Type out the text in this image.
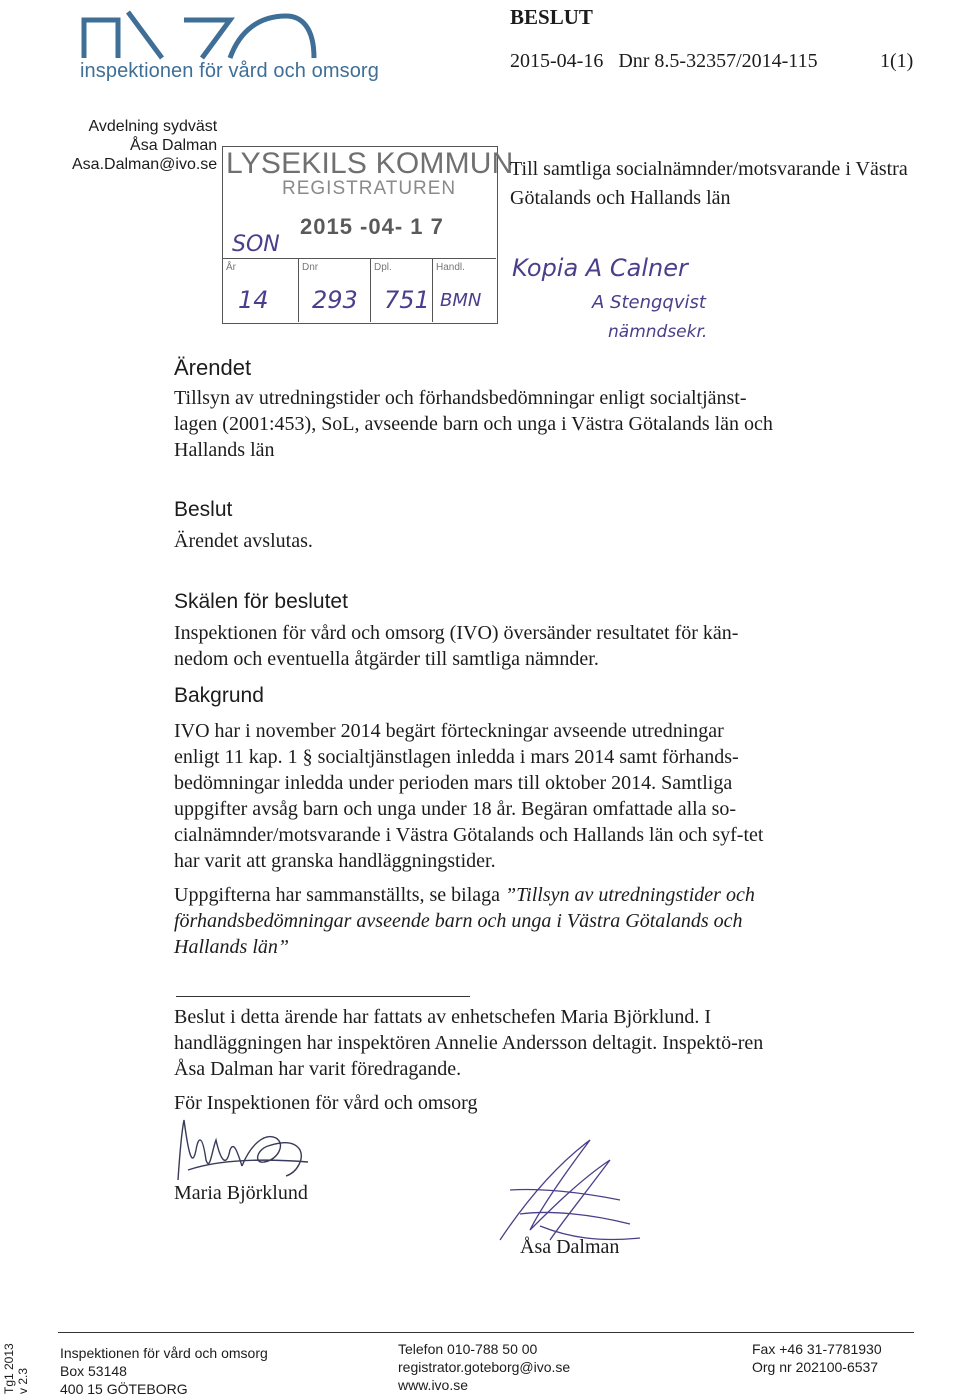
inspektionen för vård och omsorg
BESLUT
2015-04-16 Dnr 8.5-32357/2014-115	1(1)
Avdelning sydväst
Åsa Dalman
Asa.Dalman@ivo.se LYSEKILS KOMMUN
REGISTRATUREN
2015 -04- 1 7
SON
År	Dnr	Dpl.	Handl.
14 293 751 BMN
Till samtliga socialnämnder/motsvarande i Västra Götalands och Hallands län
Kopia A Calner
A Stengqvist
nämndsekr.
Ärendet
Tillsyn av utredningstider och förhandsbedömningar enligt socialtjänst-lagen (2001:453), SoL, avseende barn och unga i Västra Götalands län och Hallands län
Beslut
Ärendet avslutas.
Skälen för beslutet
Inspektionen för vård och omsorg (IVO) översänder resultatet för kän-nedom och eventuella åtgärder till samtliga nämnder.
Bakgrund
IVO har i november 2014 begärt förteckningar avseende utredningar enligt 11 kap. 1 § socialtjänstlagen inledda i mars 2014 samt förhands-bedömningar inledda under perioden mars till oktober 2014. Samtliga uppgifter avsåg barn och unga under 18 år. Begäran omfattade alla so-cialnämnder/motsvarande i Västra Götalands och Hallands län och syf-tet har varit att granska handläggningstider.
Uppgifterna har sammanställts, se bilaga ”Tillsyn av utredningstider och förhandsbedömningar avseende barn och unga i Västra Götalands och Hallands län”
Beslut i detta ärende har fattats av enhetschefen Maria Björklund. I handläggningen har inspektören Annelie Andersson deltagit. Inspektö-ren Åsa Dalman har varit föredragande.
För Inspektionen för vård och omsorg
Maria Björklund
Åsa Dalman
Tg1 2013 v 2.3
Inspektionen för vård och omsorg
Box 53148
400 15 GÖTEBORG
Telefon 010-788 50 00
registrator.goteborg@ivo.se
www.ivo.se
Fax +46 31-7781930
Org nr 202100-6537
